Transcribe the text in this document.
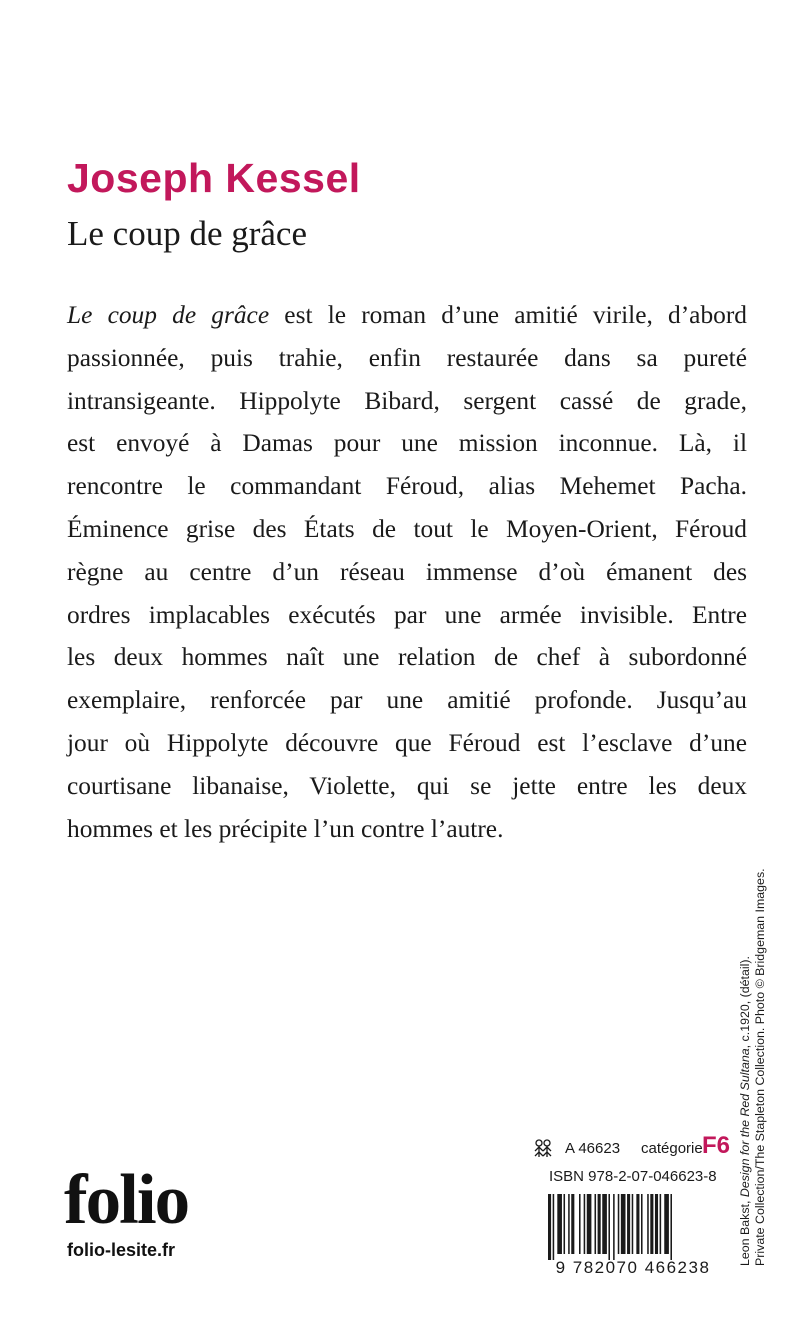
Joseph Kessel
Le coup de grâce
Le coup de grâce est le roman d’une amitié virile, d’abord
passionnée, puis trahie, enfin restaurée dans sa pureté
intransigeante. Hippolyte Bibard, sergent cassé de grade,
est envoyé à Damas pour une mission inconnue. Là, il
rencontre le commandant Féroud, alias Mehemet Pacha.
Éminence grise des États de tout le Moyen-Orient, Féroud
règne au centre d’un réseau immense d’où émanent des
ordres implacables exécutés par une armée invisible. Entre
les deux hommes naît une relation de chef à subordonné
exemplaire, renforcée par une amitié profonde. Jusqu’au
jour où Hippolyte découvre que Féroud est l’esclave d’une
courtisane libanaise, Violette, qui se jette entre les deux
hommes et les précipite l’un contre l’autre.
Leon Bakst, Design for the Red Sultana, c.1920, (détail). Private Collection/The Stapleton Collection. Photo © Bridgeman Images.
A 46623 catégorie F6
ISBN 978-2-07-046623-8
9 782070 466238
folio
folio-lesite.fr
